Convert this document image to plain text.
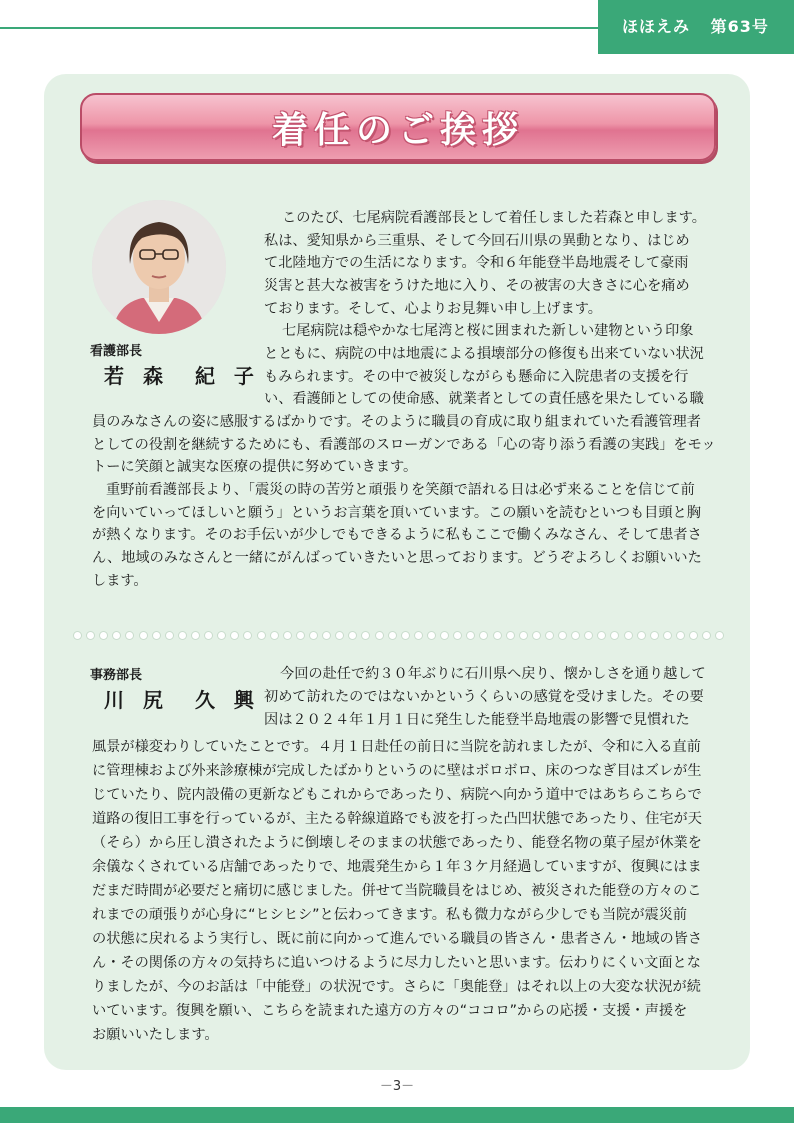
ほほえみ 第63号
着任のご挨拶
看護部長
若 森　紀 子
このたび、七尾病院看護部長として着任しました若森と申します。
私は、愛知県から三重県、そして今回石川県の異動となり、はじめ
て北陸地方での生活になります。令和６年能登半島地震そして豪雨
災害と甚大な被害をうけた地に入り、その被害の大きさに心を痛め
ております。そして、心よりお見舞い申し上げます。
七尾病院は穏やかな七尾湾と桜に囲まれた新しい建物という印象
とともに、病院の中は地震による損壊部分の修復も出来ていない状況
もみられます。その中で被災しながらも懸命に入院患者の支援を行
い、看護師としての使命感、就業者としての責任感を果たしている職
員のみなさんの姿に感服するばかりです。そのように職員の育成に取り組まれていた看護管理者
としての役割を継続するためにも、看護部のスローガンである「心の寄り添う看護の実践」をモッ
トーに笑顔と誠実な医療の提供に努めていきます。
重野前看護部長より、「震災の時の苦労と頑張りを笑顔で語れる日は必ず来ることを信じて前
を向いていってほしいと願う」というお言葉を頂いています。この願いを読むといつも目頭と胸
が熱くなります。そのお手伝いが少しでもできるように私もここで働くみなさん、そして患者さ
ん、地域のみなさんと一緒にがんばっていきたいと思っております。どうぞよろしくお願いいた
します。
事務部長
川 尻　久 興
今回の赴任で約３０年ぶりに石川県へ戻り、懐かしさを通り越して
初めて訪れたのではないかというくらいの感覚を受けました。その要
因は２０２４年１月１日に発生した能登半島地震の影響で見慣れた
風景が様変わりしていたことです。４月１日赴任の前日に当院を訪れましたが、令和に入る直前
に管理棟および外来診療棟が完成したばかりというのに壁はボロボロ、床のつなぎ目はズレが生
じていたり、院内設備の更新などもこれからであったり、病院へ向かう道中ではあちらこちらで
道路の復旧工事を行っているが、主たる幹線道路でも波を打った凸凹状態であったり、住宅が天
（そら）から圧し潰されたように倒壊しそのままの状態であったり、能登名物の菓子屋が休業を
余儀なくされている店舗であったりで、地震発生から１年３ケ月経過していますが、復興にはま
だまだ時間が必要だと痛切に感じました。併せて当院職員をはじめ、被災された能登の方々のこ
れまでの頑張りが心身に“ヒシヒシ”と伝わってきます。私も微力ながら少しでも当院が震災前
の状態に戻れるよう実行し、既に前に向かって進んでいる職員の皆さん・患者さん・地域の皆さ
ん・その関係の方々の気持ちに追いつけるように尽力したいと思います。伝わりにくい文面とな
りましたが、今のお話は「中能登」の状況です。さらに「奥能登」はそれ以上の大変な状況が続
いています。復興を願い、こちらを読まれた遠方の方々の“ココロ”からの応援・支援・声援を
お願いいたします。
－3－
